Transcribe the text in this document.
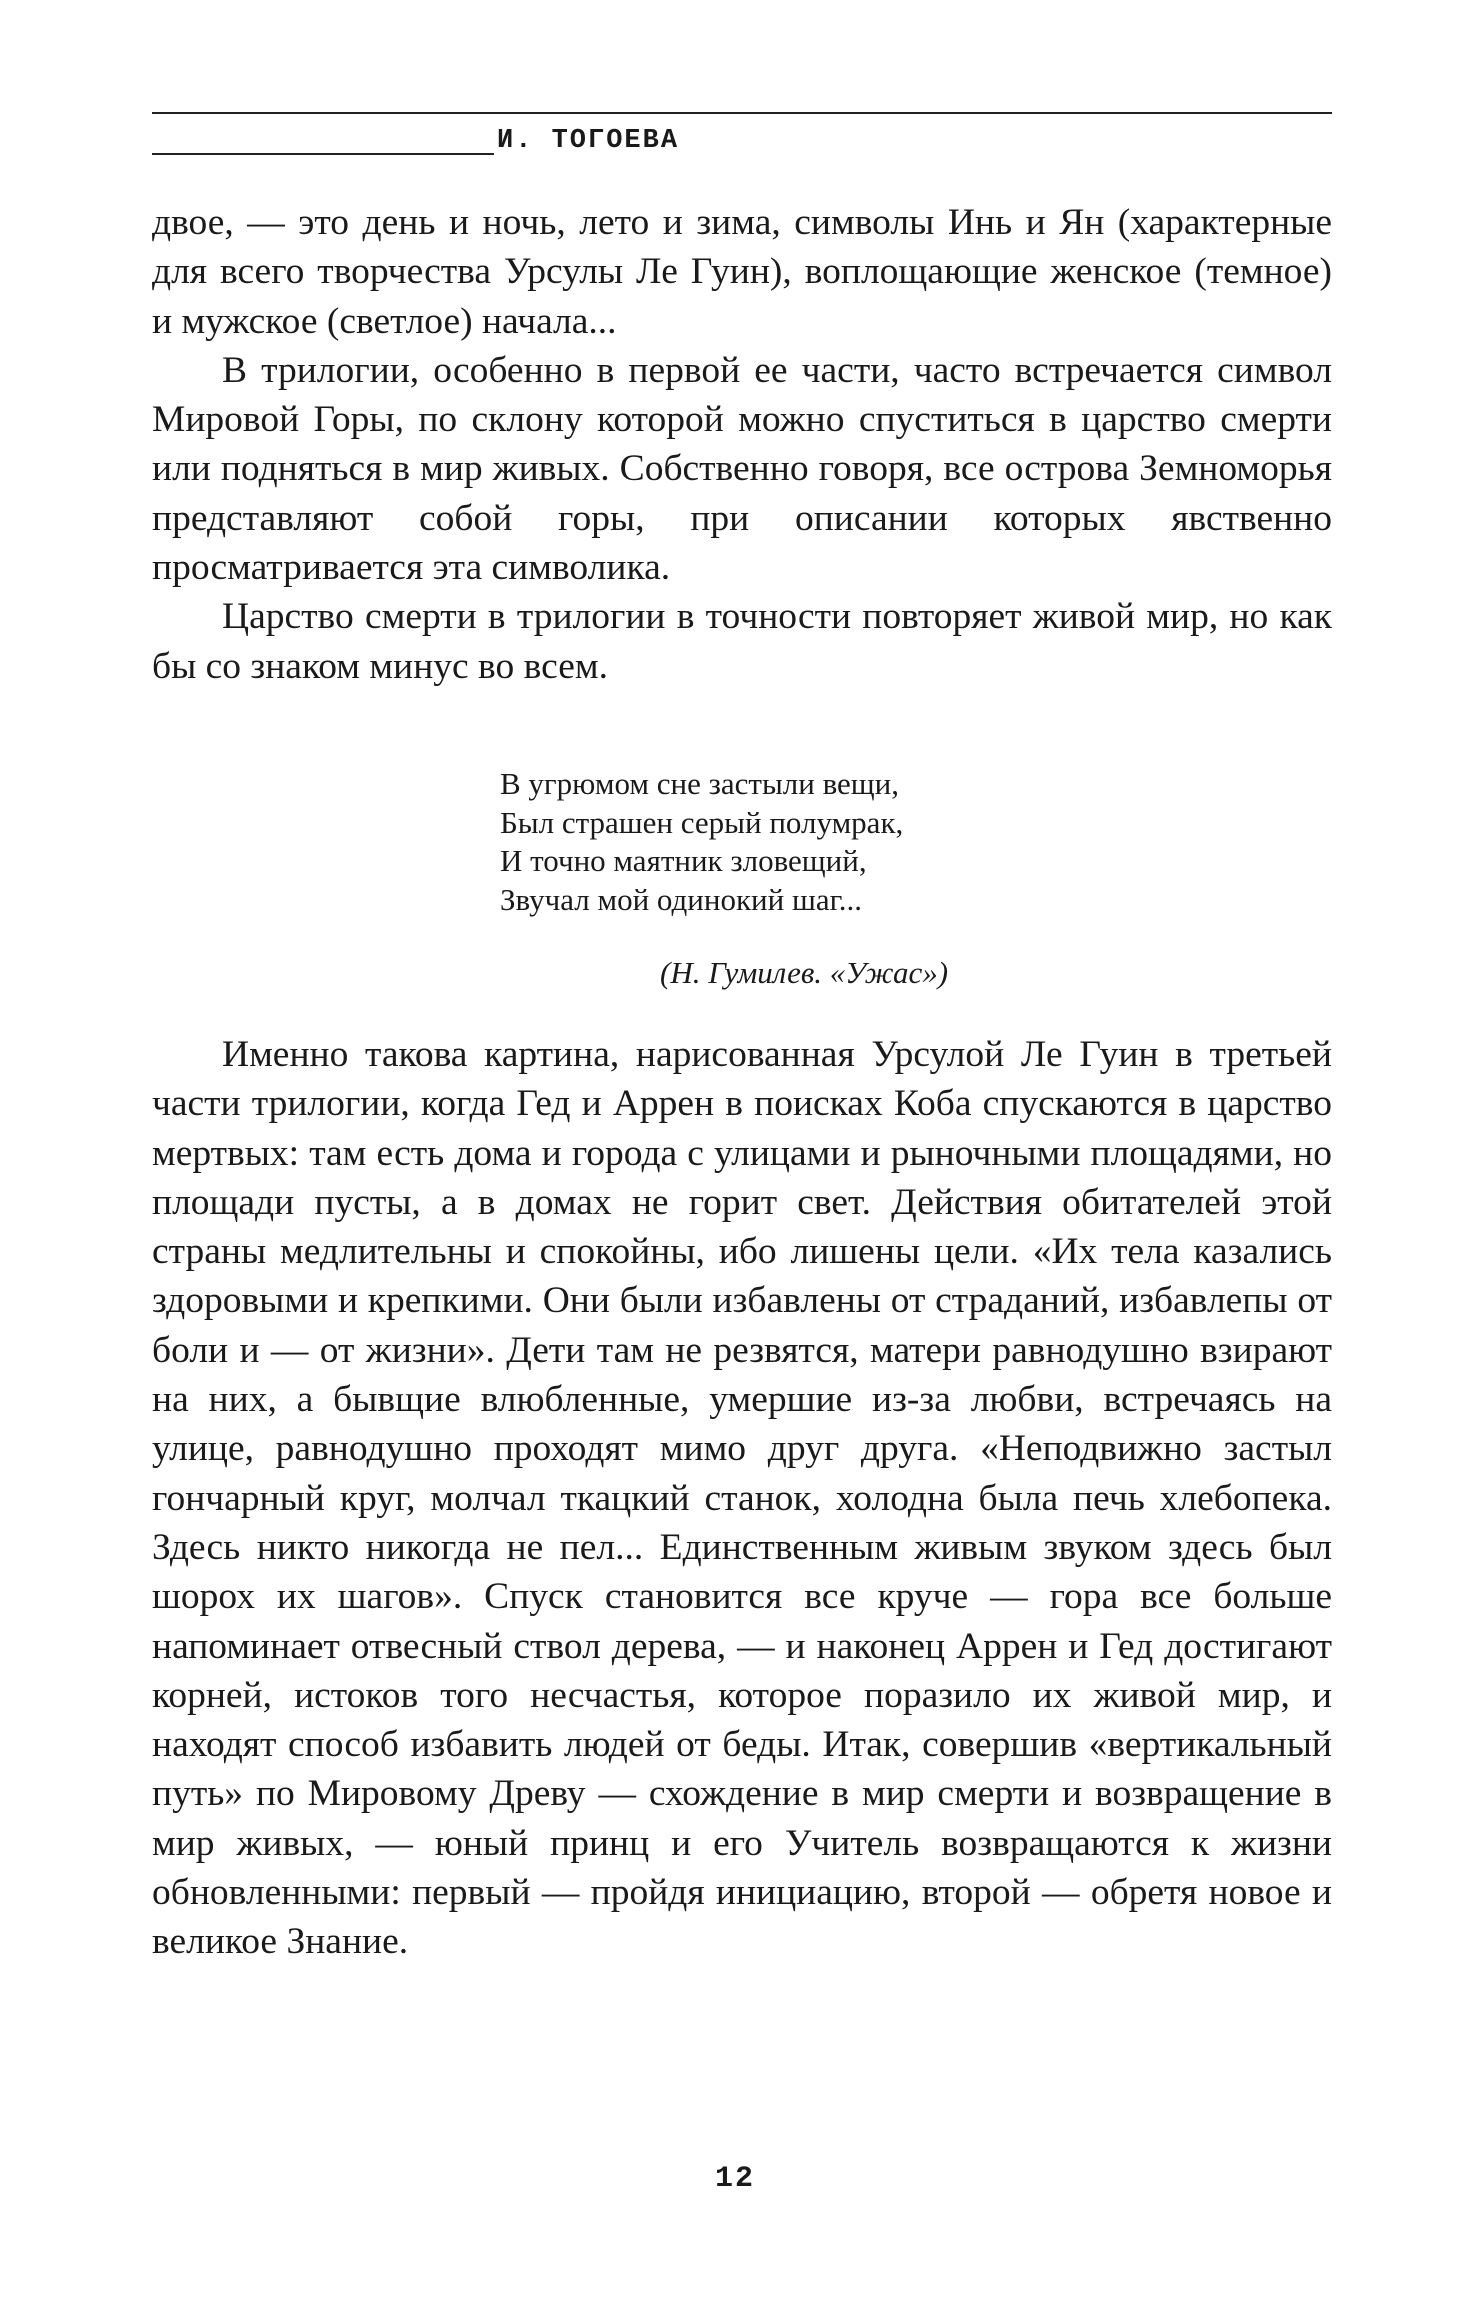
И. ТОГОЕВА

двое, — это день и ночь, лето и зима, символы Инь и Ян (характерные для всего творчества Урсулы Ле Гуин), воплощающие женское (темное) и мужское (светлое) начала...

В трилогии, особенно в первой ее части, часто встречается символ Мировой Горы, по склону которой можно спуститься в царство смерти или подняться в мир живых. Собственно говоря, все острова Земноморья представляют собой горы, при описании которых явственно просматривается эта символика.

Царство смерти в трилогии в точности повторяет живой мир, но как бы со знаком минус во всем.

В угрюмом сне застыли вещи,
Был страшен серый полумрак,
И точно маятник зловещий,
Звучал мой одинокий шаг...
(Н. Гумилев. «Ужас»)

Именно такова картина, нарисованная Урсулой Ле Гуин в третьей части трилогии, когда Гед и Аррен в поисках Коба спускаются в царство мертвых: там есть дома и города с улицами и рыночными площадями, но площади пусты, а в домах не горит свет. Действия обитателей этой страны медлительны и спокойны, ибо лишены цели. «Их тела казались здоровыми и крепкими. Они были избавлены от страданий, избавлепы от боли и — от жизни». Дети там не резвятся, матери равнодушно взирают на них, а бывщие влюбленные, умершие из-за любви, встречаясь на улице, равнодушно проходят мимо друг друга. «Неподвижно застыл гончарный круг, молчал ткацкий станок, холодна была печь хлебопека. Здесь никто никогда не пел... Единственным живым звуком здесь был шорох их шагов». Спуск становится все круче — гора все больше напоминает отвесный ствол дерева, — и наконец Аррен и Гед достигают корней, истоков того несчастья, которое поразило их живой мир, и находят способ избавить людей от беды. Итак, совершив «вертикальный путь» по Мировому Древу — схождение в мир смерти и возвращение в мир живых, — юный принц и его Учитель возвращаются к жизни обновленными: первый — пройдя инициацию, второй — обретя новое и великое Знание.

12
